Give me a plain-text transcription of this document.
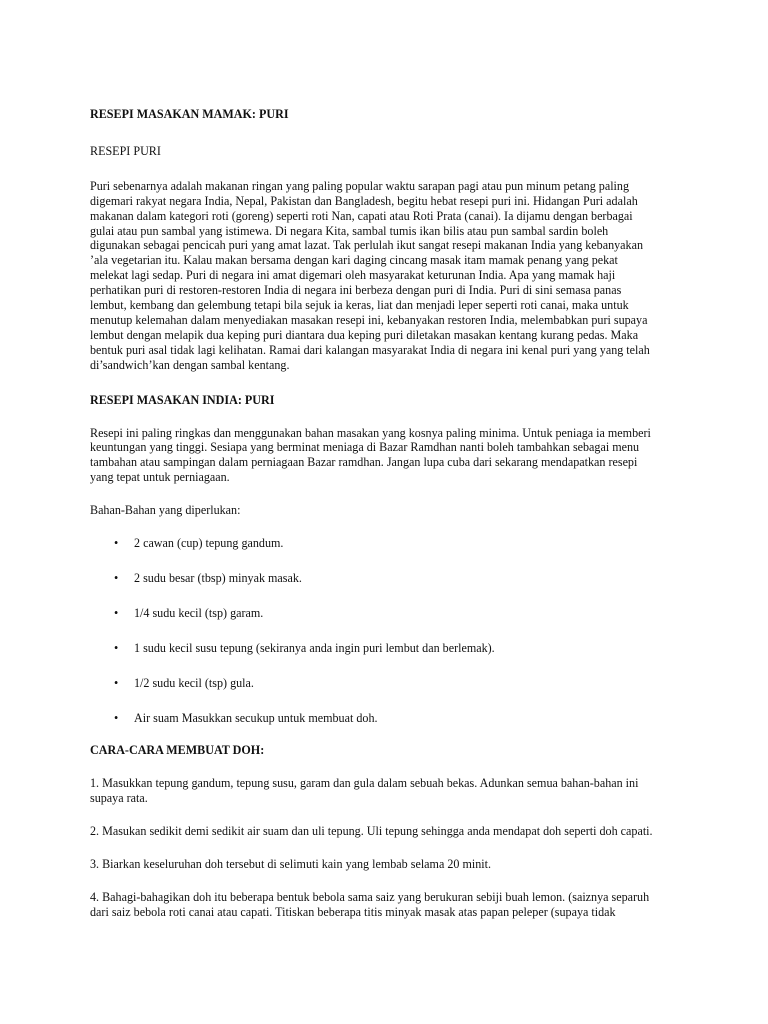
RESEPI MASAKAN MAMAK: PURI

RESEPI PURI

Puri sebenarnya adalah makanan ringan yang paling popular waktu sarapan pagi atau pun minum petang paling
digemari rakyat negara India, Nepal, Pakistan dan Bangladesh, begitu hebat resepi puri ini. Hidangan Puri adalah
makanan dalam kategori roti (goreng) seperti roti Nan, capati atau Roti Prata (canai). Ia dijamu dengan berbagai
gulai atau pun sambal yang istimewa. Di negara Kita, sambal tumis ikan bilis atau pun sambal sardin boleh
digunakan sebagai pencicah puri yang amat lazat. Tak perlulah ikut sangat resepi makanan India yang kebanyakan
’ala vegetarian itu. Kalau makan bersama dengan kari daging cincang masak itam mamak penang yang pekat
melekat lagi sedap. Puri di negara ini amat digemari oleh masyarakat keturunan India. Apa yang mamak haji
perhatikan puri di restoren-restoren India di negara ini berbeza dengan puri di India. Puri di sini semasa panas
lembut, kembang dan gelembung tetapi bila sejuk ia keras, liat dan menjadi leper seperti roti canai, maka untuk
menutup kelemahan dalam menyediakan masakan resepi ini, kebanyakan restoren India, melembabkan puri supaya
lembut dengan melapik dua keping puri diantara dua keping puri diletakan masakan kentang kurang pedas. Maka
bentuk puri asal tidak lagi kelihatan. Ramai dari kalangan masyarakat India di negara ini kenal puri yang yang telah
di’sandwich’kan dengan sambal kentang.

RESEPI MASAKAN INDIA: PURI

Resepi ini paling ringkas dan menggunakan bahan masakan yang kosnya paling minima. Untuk peniaga ia memberi
keuntungan yang tinggi. Sesiapa yang berminat meniaga di Bazar Ramdhan nanti boleh tambahkan sebagai menu
tambahan atau sampingan dalam perniagaan Bazar ramdhan. Jangan lupa cuba dari sekarang mendapatkan resepi
yang tepat untuk perniagaan.

Bahan-Bahan yang diperlukan:

• 2 cawan (cup) tepung gandum.
• 2 sudu besar (tbsp) minyak masak.
• 1/4 sudu kecil (tsp) garam.
• 1 sudu kecil susu tepung (sekiranya anda ingin puri lembut dan berlemak).
• 1/2 sudu kecil (tsp) gula.
• Air suam Masukkan secukup untuk membuat doh.

CARA-CARA MEMBUAT DOH:

1. Masukkan tepung gandum, tepung susu, garam dan gula dalam sebuah bekas. Adunkan semua bahan-bahan ini
supaya rata.
2. Masukan sedikit demi sedikit air suam dan uli tepung. Uli tepung sehingga anda mendapat doh seperti doh capati.
3. Biarkan keseluruhan doh tersebut di selimuti kain yang lembab selama 20 minit.
4. Bahagi-bahagikan doh itu beberapa bentuk bebola sama saiz yang berukuran sebiji buah lemon. (saiznya separuh
dari saiz bebola roti canai atau capati. Titiskan beberapa titis minyak masak atas papan peleper (supaya tidak
